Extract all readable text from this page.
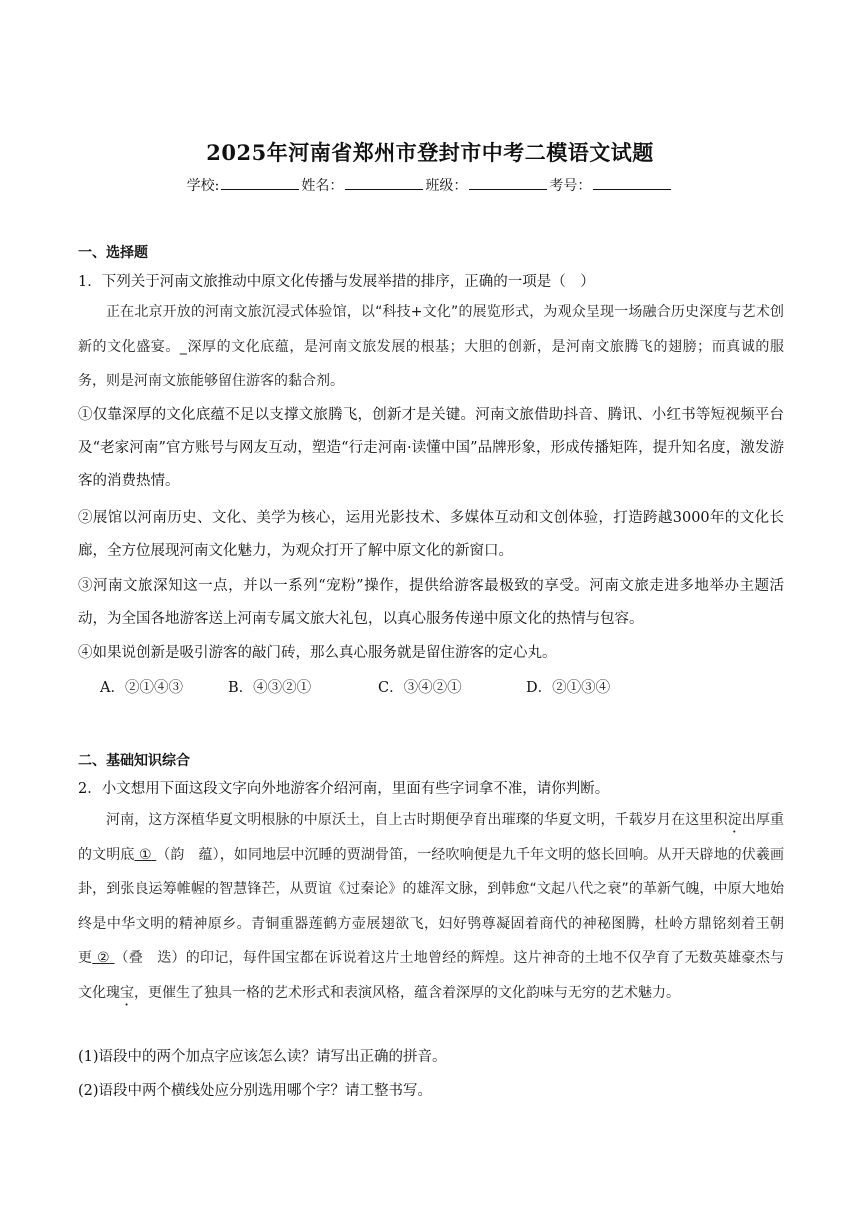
2025年河南省郑州市登封市中考二模语文试题
学校:	姓名：	班级：	考号：
一、选择题
1．下列关于河南文旅推动中原文化传播与发展举措的排序，正确的一项是（　）

正在北京开放的河南文旅沉浸式体验馆，以“科技+文化”的展览形式，为观众呈现一场融合历史深度与艺术创新的文化盛宴。_深厚的文化底蕴，是河南文旅发展的根基；大胆的创新，是河南文旅腾飞的翅膀；而真诚的服务，则是河南文旅能够留住游客的黏合剂。

①仅靠深厚的文化底蕴不足以支撑文旅腾飞，创新才是关键。河南文旅借助抖音、腾讯、小红书等短视频平台及“老家河南”官方账号与网友互动，塑造“行走河南·读懂中国”品牌形象，形成传播矩阵，提升知名度，激发游客的消费热情。

②展馆以河南历史、文化、美学为核心，运用光影技术、多媒体互动和文创体验，打造跨越3000年的文化长廊，全方位展现河南文化魅力，为观众打开了解中原文化的新窗口。

③河南文旅深知这一点，并以一系列“宠粉”操作，提供给游客最极致的享受。河南文旅走进多地举办主题活动，为全国各地游客送上河南专属文旅大礼包，以真心服务传递中原文化的热情与包容。

④如果说创新是吸引游客的敲门砖，那么真心服务就是留住游客的定心丸。

A．②①④③	B．④③②①	C．③④②①	D．②①③④
二、基础知识综合
2．小文想用下面这段文字向外地游客介绍河南，里面有些字词拿不准，请你判断。

河南，这方深植华夏文明根脉的中原沃土，自上古时期便孕育出璀璨的华夏文明，千载岁月在这里积淀出厚重的文明底 ① （韵　蕴），如同地层中沉睡的贾湖骨笛，一经吹响便是九千年文明的悠长回响。从开天辟地的伏羲画卦，到张良运筹帷幄的智慧锋芒，从贾谊《过秦论》的雄浑文脉，到韩愈“文起八代之衰”的革新气魄，中原大地始终是中华文明的精神原乡。青铜重器莲鹤方壶展翅欲飞，妇好鸮尊凝固着商代的神秘图腾，杜岭方鼎铭刻着王朝更 ② （叠　迭）的印记，每件国宝都在诉说着这片土地曾经的辉煌。这片神奇的土地不仅孕育了无数英雄豪杰与文化瑰宝，更催生了独具一格的艺术形式和表演风格，蕴含着深厚的文化韵味与无穷的艺术魅力。

(1)语段中的两个加点字应该怎么读？请写出正确的拼音。
(2)语段中两个横线处应分别选用哪个字？请工整书写。
